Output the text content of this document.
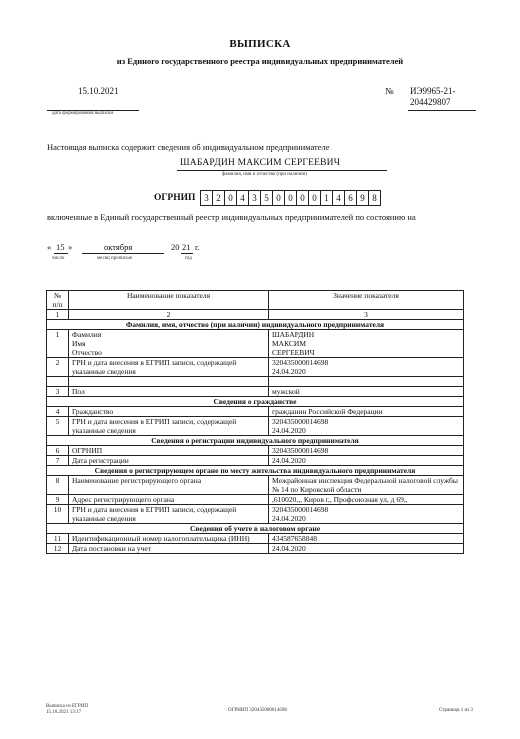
ВЫПИСКА
из Единого государственного реестра индивидуальных предпринимателей
15.10.2021
дата формирования выписки
№ ИЭ9965-21-
204429807
Настоящая выписка содержит сведения об индивидуальном предпринимателе
ШАБАРДИН МАКСИМ СЕРГЕЕВИЧ
фамилия, имя и отчество (при наличии)
ОГРНИП 3 2 0 4 3 5 0 0 0 0 1 4 6 9 8
включенные в Единый государственный реестр индивидуальных предпринимателей по состоянию на
« 15 »	октября	20 21 г.
число	месяц прописью	год
№ п/п	Наименование показателя	Значение показателя
1	2	3
Фамилия, имя, отчество (при наличии) индивидуального предпринимателя		
1	Фамилия
Имя
Отчество	ШАБАРДИН
МАКСИМ
СЕРГЕЕВИЧ
2	ГРН и дата внесения в ЕГРИП записи, содержащей указанные сведения	320435000014698
24.04.2020

3	Пол	мужской
Сведения о гражданстве		
4	Гражданство	гражданин Российской Федерации
5	ГРН и дата внесения в ЕГРИП записи, содержащей указанные сведения	320435000014698
24.04.2020
Сведения о регистрации индивидуального предпринимателя		
6	ОГРНИП	320435000014698
7	Дата регистрации	24.04.2020
Сведения о регистрирующем органе по месту жительства индивидуального предпринимателя		
8	Наименование регистрирующего органа	Межрайонная инспекция Федеральной налоговой службы № 14 по Кировской области
9	Адрес регистрирующего органа	,610020,,, Киров г,, Профсоюзная ул, д 69,,
10	ГРН и дата внесения в ЕГРИП записи, содержащей указанные сведения	320435000014698
24.04.2020
Сведения об учете в налоговом органе		
11	Идентификационный номер налогоплательщика (ИНН)	434587658848
12	Дата постановки на учет	24.04.2020
Выписка из ЕГРИП
15.10.2021 13:17	ОГРНИП 320435000014698	Страница 1 из 3
